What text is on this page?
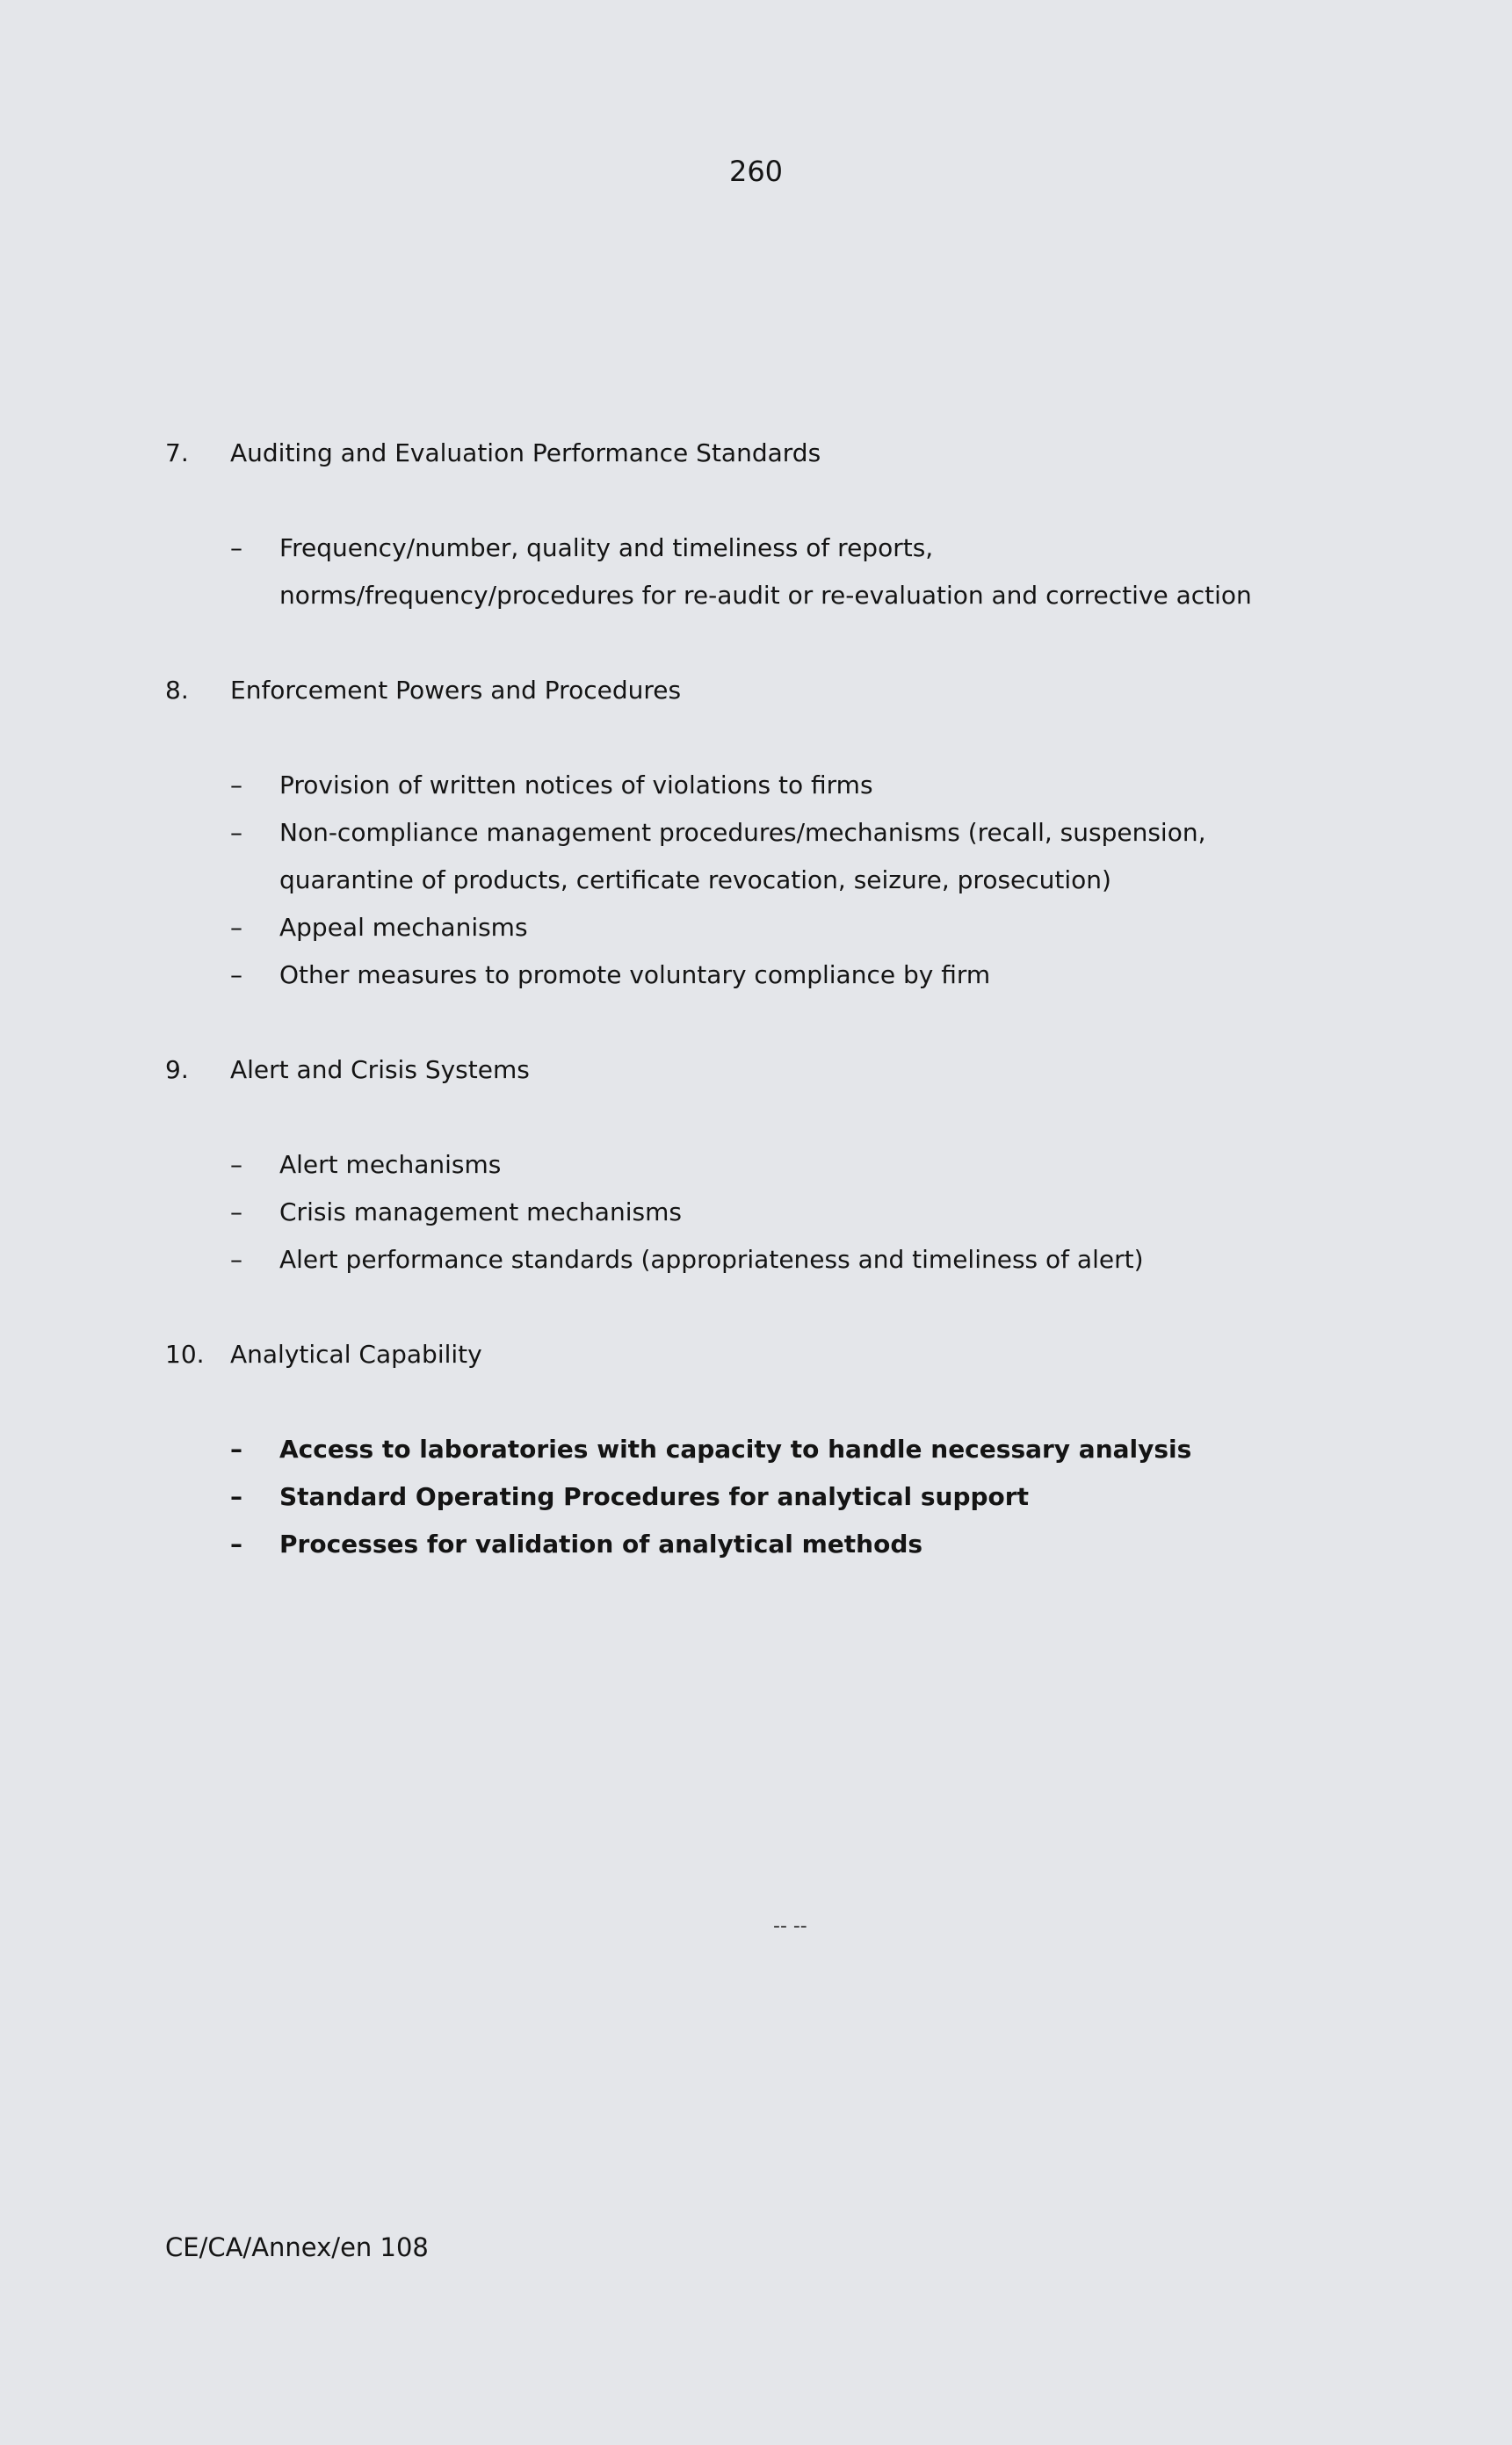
260
7. Auditing and Evaluation Performance Standards
– Frequency/number, quality and timeliness of reports,
norms/frequency/procedures for re-audit or re-evaluation and corrective action
8. Enforcement Powers and Procedures
– Provision of written notices of violations to firms
– Non-compliance management procedures/mechanisms (recall, suspension,
quarantine of products, certificate revocation, seizure, prosecution)
– Appeal mechanisms
– Other measures to promote voluntary compliance by firm
9. Alert and Crisis Systems
– Alert mechanisms
– Crisis management mechanisms
– Alert performance standards (appropriateness and timeliness of alert)
10. Analytical Capability
– Access to laboratories with capacity to handle necessary analysis
– Standard Operating Procedures for analytical support
– Processes for validation of analytical methods
-- --
CE/CA/Annex/en 108
